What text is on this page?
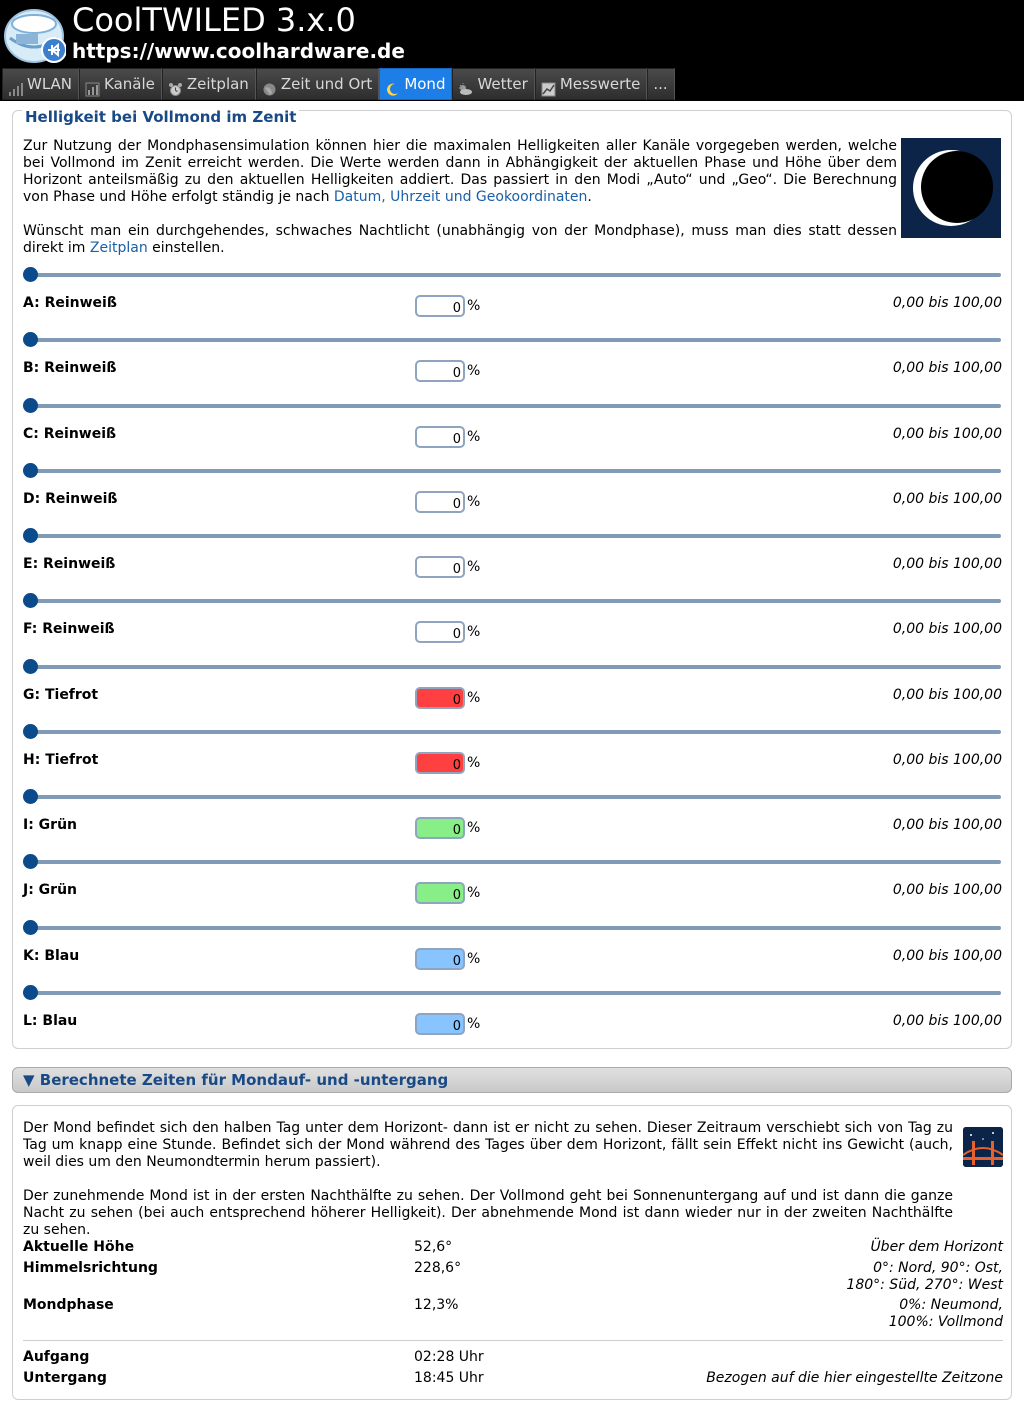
CoolTWILED 3.x.0
https://www.coolhardware.de
WLAN Kanäle Zeitplan Zeit und Ort Mond Wetter Messwerte ...
Helligkeit bei Vollmond im Zenit

Zur Nutzung der Mondphasensimulation können hier die maximalen Helligkeiten aller Kanäle vorgegeben werden, welche bei Vollmond im Zenit erreicht werden. Die Werte werden dann in Abhängigkeit der aktuellen Phase und Höhe über dem Horizont anteilsmäßig zu den aktuellen Helligkeiten addiert. Das passiert in den Modi „Auto“ und „Geo“. Die Berechnung von Phase und Höhe erfolgt ständig je nach Datum, Uhrzeit und Geokoordinaten.

Wünscht man ein durchgehendes, schwaches Nachtlicht (unabhängig von der Mondphase), muss man dies statt dessen direkt im Zeitplan einstellen.

A: Reinweiß	0 %	0,00 bis 100,00
B: Reinweiß	0 %	0,00 bis 100,00
C: Reinweiß	0 %	0,00 bis 100,00
D: Reinweiß	0 %	0,00 bis 100,00
E: Reinweiß	0 %	0,00 bis 100,00
F: Reinweiß	0 %	0,00 bis 100,00
G: Tiefrot	0 %	0,00 bis 100,00
H: Tiefrot	0 %	0,00 bis 100,00
I: Grün	0 %	0,00 bis 100,00
J: Grün	0 %	0,00 bis 100,00
K: Blau	0 %	0,00 bis 100,00
L: Blau	0 %	0,00 bis 100,00
▼ Berechnete Zeiten für Mondauf- und -untergang

Der Mond befindet sich den halben Tag unter dem Horizont- dann ist er nicht zu sehen. Dieser Zeitraum verschiebt sich von Tag zu Tag um knapp eine Stunde. Befindet sich der Mond während des Tages über dem Horizont, fällt sein Effekt nicht ins Gewicht (auch, weil dies um den Neumondtermin herum passiert).

Der zunehmende Mond ist in der ersten Nachthälfte zu sehen. Der Vollmond geht bei Sonnenuntergang auf und ist dann die ganze Nacht zu sehen (bei auch entsprechend höherer Helligkeit). Der abnehmende Mond ist dann wieder nur in der zweiten Nachthälfte zu sehen.

Aktuelle Höhe	52,6°	Über dem Horizont
Himmelsrichtung	228,6°	0°: Nord, 90°: Ost,
180°: Süd, 270°: West
Mondphase	12,3%	0%: Neumond,
100%: Vollmond
Aufgang	02:28 Uhr
Untergang	18:45 Uhr	Bezogen auf die hier eingestellte Zeitzone
